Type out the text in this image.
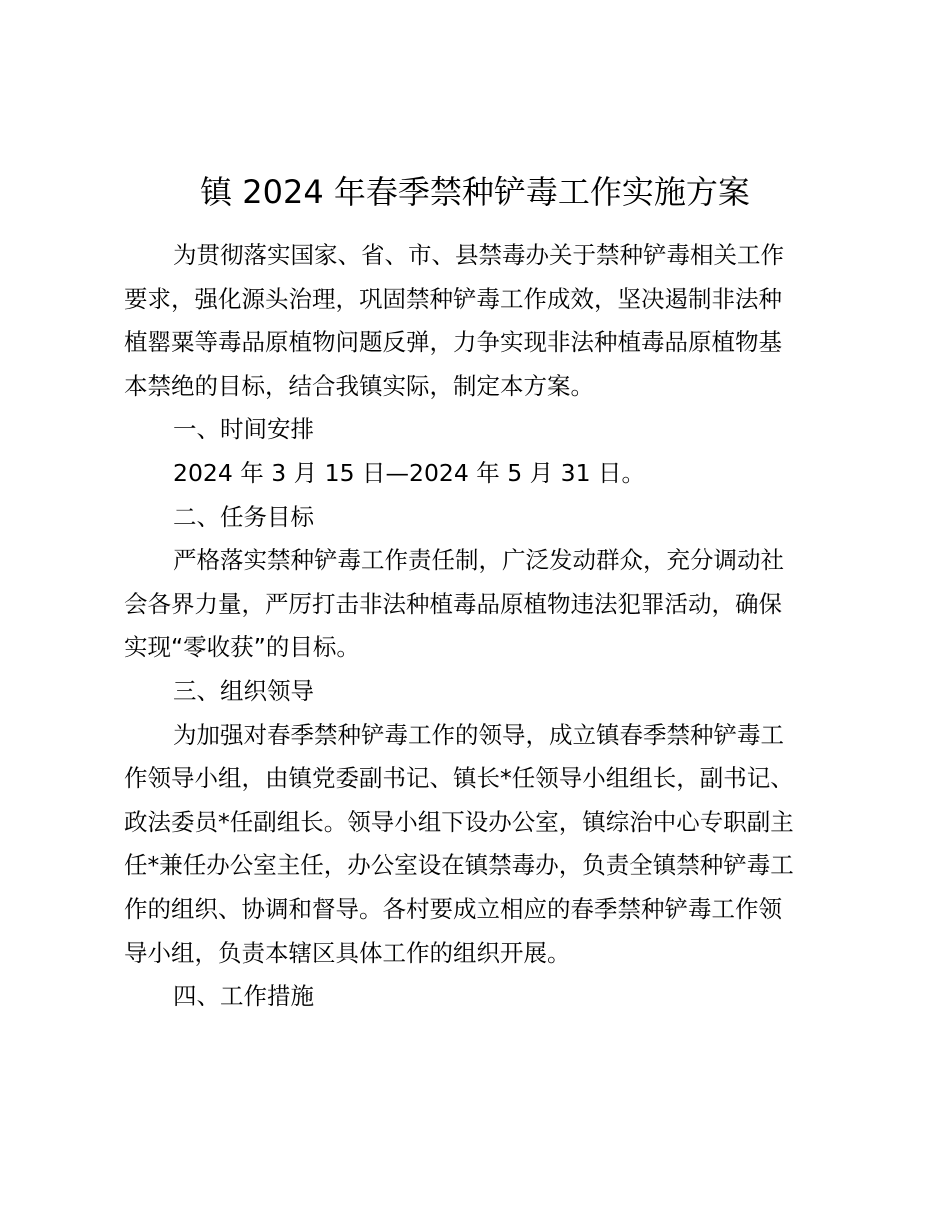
镇 2024 年春季禁种铲毒工作实施方案
为贯彻落实国家、省、市、县禁毒办关于禁种铲毒相关工作
要求，强化源头治理，巩固禁种铲毒工作成效，坚决遏制非法种
植罂粟等毒品原植物问题反弹，力争实现非法种植毒品原植物基
本禁绝的目标，结合我镇实际，制定本方案。
一、时间安排
2024 年 3 月 15 日—2024 年 5 月 31 日。
二、任务目标
严格落实禁种铲毒工作责任制，广泛发动群众，充分调动社
会各界力量，严厉打击非法种植毒品原植物违法犯罪活动，确保
实现“零收获”的目标。
三、组织领导
为加强对春季禁种铲毒工作的领导，成立镇春季禁种铲毒工
作领导小组，由镇党委副书记、镇长*任领导小组组长，副书记、
政法委员*任副组长。领导小组下设办公室，镇综治中心专职副主
任*兼任办公室主任，办公室设在镇禁毒办，负责全镇禁种铲毒工
作的组织、协调和督导。各村要成立相应的春季禁种铲毒工作领
导小组，负责本辖区具体工作的组织开展。
四、工作措施
